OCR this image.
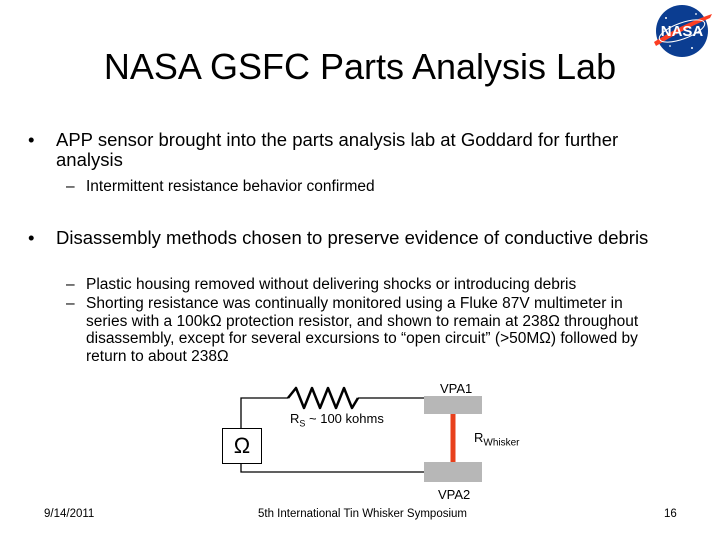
NASA GSFC Parts Analysis Lab
NASA
• APP sensor brought into the parts analysis lab at Goddard for further analysis
– Intermittent resistance behavior confirmed
• Disassembly methods chosen to preserve evidence of conductive debris
– Plastic housing removed without delivering shocks or introducing debris
– Shorting resistance was continually monitored using a Fluke 87V multimeter in series with a 100kΩ protection resistor, and shown to remain at 238Ω throughout disassembly, except for several excursions to “open circuit” (>50MΩ) followed by return to about 238Ω
Ω
VPA1
VPA2
$R_S$ ~ 100 kohms
$R_{Whisker}$
9/14/2011	5th International Tin Whisker Symposium	16
